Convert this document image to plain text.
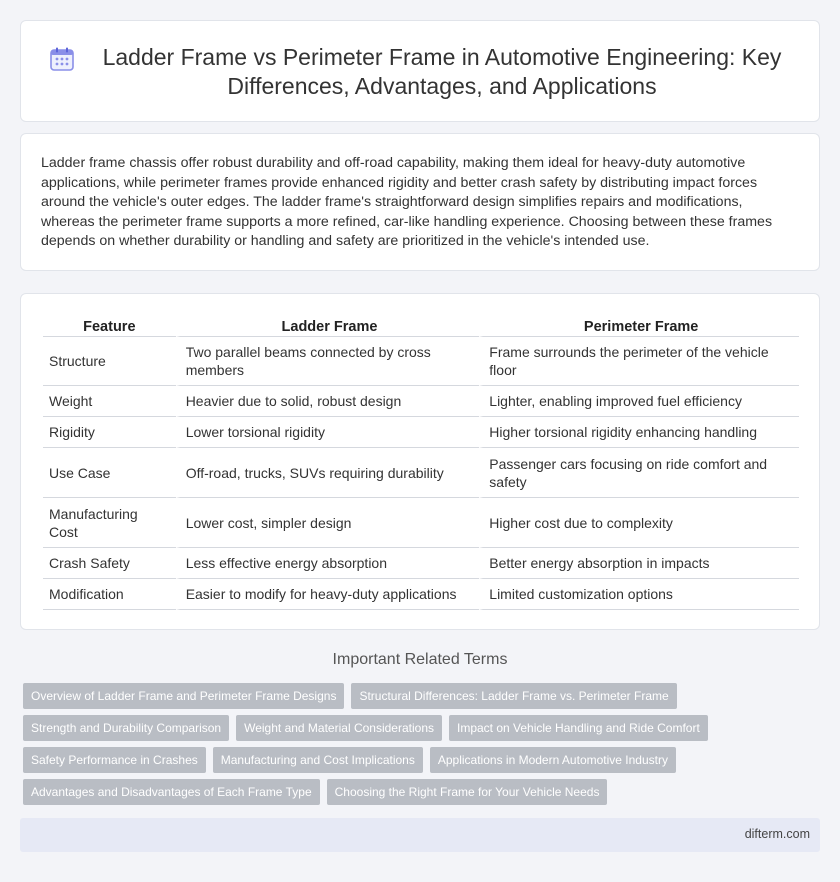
Ladder Frame vs Perimeter Frame in Automotive Engineering: Key Differences, Advantages, and Applications

Ladder frame chassis offer robust durability and off-road capability, making them ideal for heavy-duty automotive applications, while perimeter frames provide enhanced rigidity and better crash safety by distributing impact forces around the vehicle's outer edges. The ladder frame's straightforward design simplifies repairs and modifications, whereas the perimeter frame supports a more refined, car-like handling experience. Choosing between these frames depends on whether durability or handling and safety are prioritized in the vehicle's intended use.

Feature	Ladder Frame	Perimeter Frame
Structure	Two parallel beams connected by cross members	Frame surrounds the perimeter of the vehicle floor
Weight	Heavier due to solid, robust design	Lighter, enabling improved fuel efficiency
Rigidity	Lower torsional rigidity	Higher torsional rigidity enhancing handling
Use Case	Off-road, trucks, SUVs requiring durability	Passenger cars focusing on ride comfort and safety
Manufacturing Cost	Lower cost, simpler design	Higher cost due to complexity
Crash Safety	Less effective energy absorption	Better energy absorption in impacts
Modification	Easier to modify for heavy-duty applications	Limited customization options
Important Related Terms
Overview of Ladder Frame and Perimeter Frame Designs	Structural Differences: Ladder Frame vs. Perimeter Frame
Strength and Durability Comparison	Weight and Material Considerations	Impact on Vehicle Handling and Ride Comfort
Safety Performance in Crashes	Manufacturing and Cost Implications	Applications in Modern Automotive Industry
Advantages and Disadvantages of Each Frame Type	Choosing the Right Frame for Your Vehicle Needs
difterm.com
